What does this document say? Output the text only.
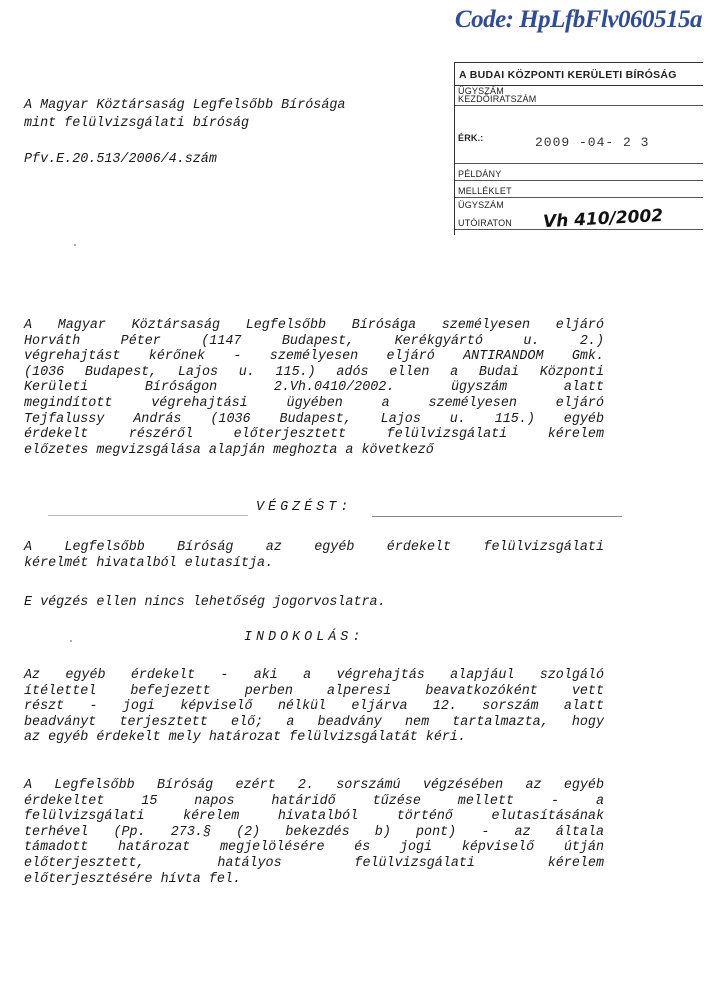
Code: HpLfbFlv060515a
A BUDAI KÖZPONTI KERÜLETI BÍRÓSÁG
ÜGYSZÁM
KEZDŐIRATSZÁM
ÉRK.:	2009 -04- 2 3
PÉLDÁNY
MELLÉKLET
ÜGYSZÁM
UTÓIRATON Vh 410/2002
A Magyar Köztársaság Legfelsőbb Bírósága
mint felülvizsgálati bíróság
Pfv.E.20.513/2006/4.szám
A Magyar Köztársaság Legfelsőbb Bírósága személyesen eljáró
Horváth Péter (1147 Budapest, Kerékgyártó u. 2.)
végrehajtást kérőnek - személyesen eljáró ANTIRANDOM Gmk.
(1036 Budapest, Lajos u. 115.) adós ellen a Budai Központi
Kerületi Bíróságon 2.Vh.0410/2002. ügyszám alatt
megindított végrehajtási ügyében a személyesen eljáró
Tejfalussy András (1036 Budapest, Lajos u. 115.) egyéb
érdekelt részéről előterjesztett felülvizsgálati kérelem
előzetes megvizsgálása alapján meghozta a következő
VÉGZÉST:
A Legfelsőbb Bíróság az egyéb érdekelt felülvizsgálati
kérelmét hivatalból elutasítja.
E végzés ellen nincs lehetőség jogorvoslatra.
INDOKOLÁS:
Az egyéb érdekelt - aki a végrehajtás alapjául szolgáló
ítélettel befejezett perben alperesi beavatkozóként vett
részt - jogi képviselő nélkül eljárva 12. sorszám alatt
beadványt terjesztett elő; a beadvány nem tartalmazta, hogy
az egyéb érdekelt mely határozat felülvizsgálatát kéri.
A Legfelsőbb Bíróság ezért 2. sorszámú végzésében az egyéb
érdekeltet 15 napos határidő tűzése mellett - a
felülvizsgálati kérelem hivatalból történő elutasításának
terhével (Pp. 273.§ (2) bekezdés b) pont) - az általa
támadott határozat megjelölésére és jogi képviselő útján
előterjesztett, hatályos felülvizsgálati kérelem
előterjesztésére hívta fel.
